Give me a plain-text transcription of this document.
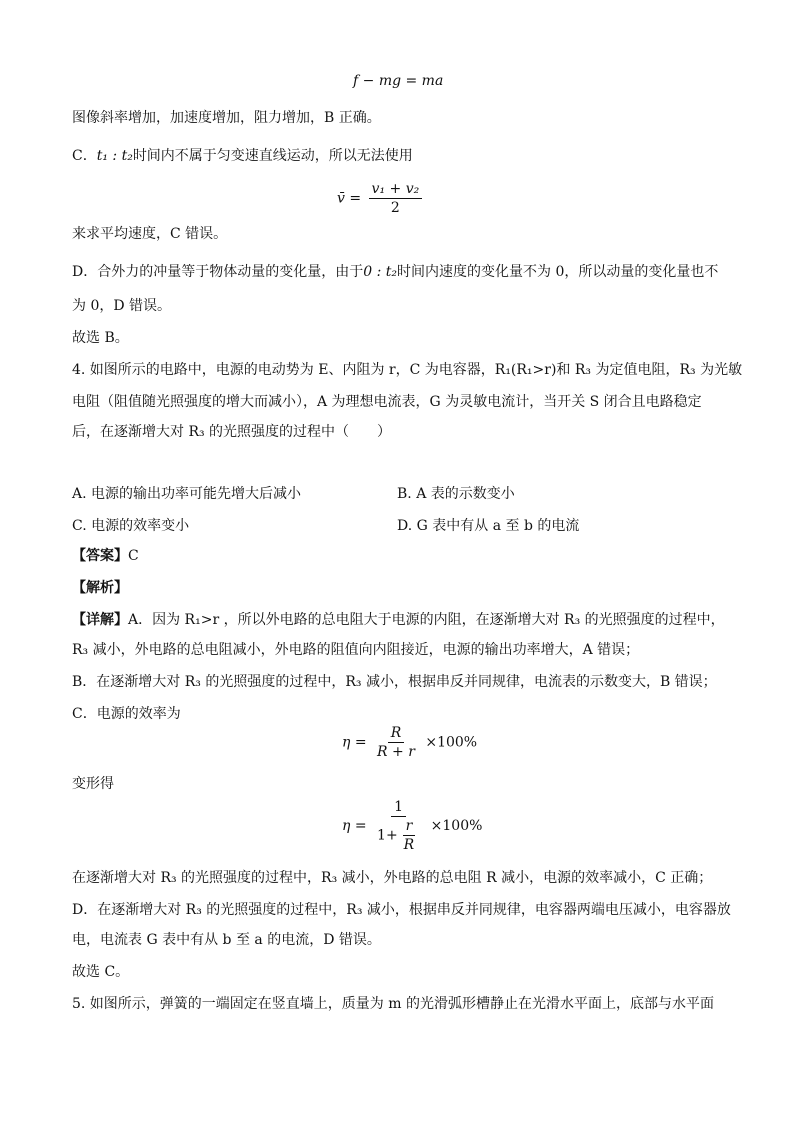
f − mg = ma
图像斜率增加，加速度增加，阻力增加，B 正确。
C．t₁ : t₂时间内不属于匀变速直线运动，所以无法使用
v̄ = $\frac{\text{v₁ + v₂}}{2}$
来求平均速度，C 错误。
D．合外力的冲量等于物体动量的变化量，由于0 : t₂时间内速度的变化量不为 0，所以动量的变化量也不
为 0，D 错误。
故选 B。
4. 如图所示的电路中，电源的电动势为 E、内阻为 r，C 为电容器，R₁(R₁>r)和 R₃ 为定值电阻，R₃ 为光敏
电阻（阻值随光照强度的增大而减小），A 为理想电流表，G 为灵敏电流计，当开关 S 闭合且电路稳定
后，在逐渐增大对 R₃ 的光照强度的过程中（　　）
A. 电源的输出功率可能先增大后减小	B. A 表的示数变小
C. 电源的效率变小	D. G 表中有从 a 至 b 的电流
【答案】C
【解析】
【详解】A．因为 R₁>r ，所以外电路的总电阻大于电源的内阻，在逐渐增大对 R₃ 的光照强度的过程中，
R₃ 减小，外电路的总电阻减小，外电路的阻值向内阻接近，电源的输出功率增大，A 错误；
B．在逐渐增大对 R₃ 的光照强度的过程中，R₃ 减小，根据串反并同规律，电流表的示数变大，B 错误；
C．电源的效率为
$\eta = \frac{R}{R + r} \times 100\%$
变形得
$\eta = \frac{1}{1+ \frac{r}{R}} \times 100\%$
在逐渐增大对 R₃ 的光照强度的过程中，R₃ 减小，外电路的总电阻 R 减小，电源的效率减小，C 正确；
D．在逐渐增大对 R₃ 的光照强度的过程中，R₃ 减小，根据串反并同规律，电容器两端电压减小，电容器放
电，电流表 G 表中有从 b 至 a 的电流，D 错误。
故选 C。
5. 如图所示，弹簧的一端固定在竖直墙上，质量为 m 的光滑弧形槽静止在光滑水平面上，底部与水平面
